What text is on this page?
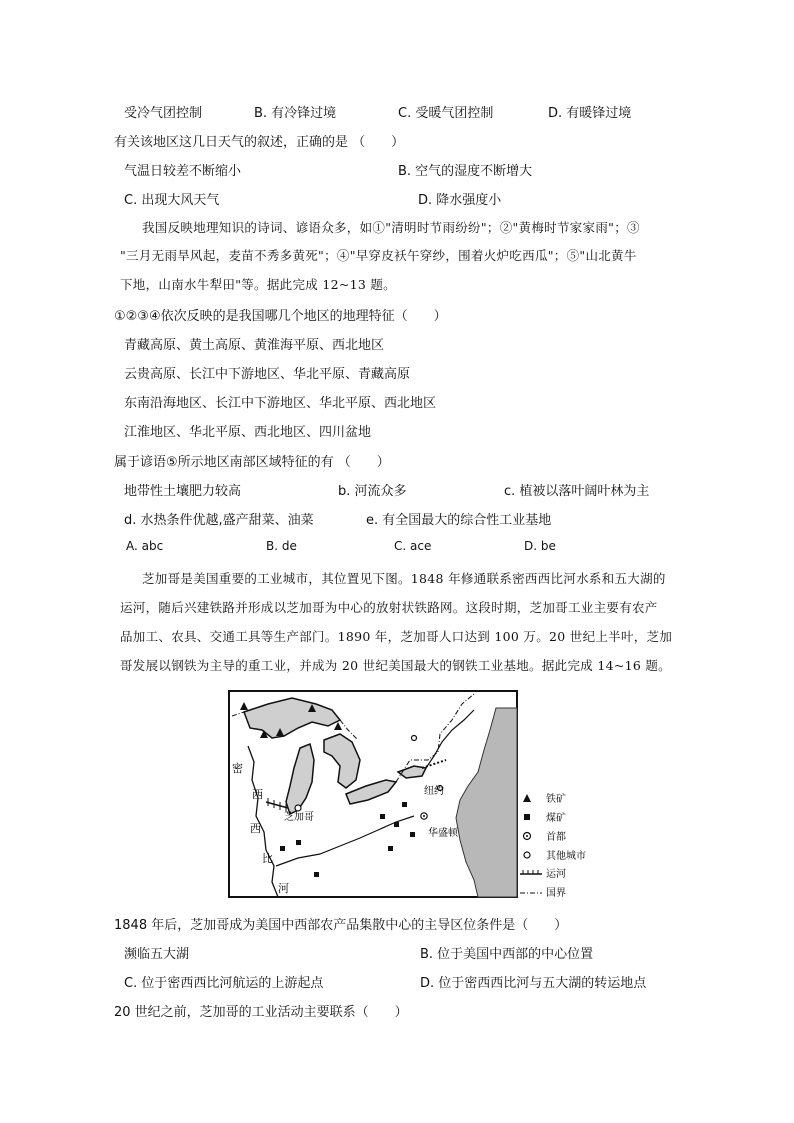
受冷气团控制	B. 有冷锋过境	C. 受暖气团控制	D. 有暖锋过境
有关该地区这几日天气的叙述，正确的是 （　　）
气温日较差不断缩小	B. 空气的湿度不断增大
C. 出现大风天气	D. 降水强度小
我国反映地理知识的诗词、谚语众多，如①"清明时节雨纷纷"；②"黄梅时节家家雨"；③
"三月无雨旱风起，麦苗不秀多黄死"；④"早穿皮袄午穿纱，围着火炉吃西瓜"；⑤"山北黄牛
下地，山南水牛犁田"等。据此完成 12~13 题。
①②③④依次反映的是我国哪几个地区的地理特征（　　）
青藏高原、黄土高原、黄淮海平原、西北地区
云贵高原、长江中下游地区、华北平原、青藏高原
东南沿海地区、长江中下游地区、华北平原、西北地区
江淮地区、华北平原、西北地区、四川盆地
属于谚语⑤所示地区南部区域特征的有 （　　）
地带性土壤肥力较高	b. 河流众多	c. 植被以落叶阔叶林为主
d. 水热条件优越,盛产甜菜、油菜	e. 有全国最大的综合性工业基地
A. abc	B. de	C. ace	D. be
芝加哥是美国重要的工业城市，其位置见下图。1848 年修通联系密西西比河水系和五大湖的
运河，随后兴建铁路并形成以芝加哥为中心的放射状铁路网。这段时期，芝加哥工业主要有农产
品加工、农具、交通工具等生产部门。1890 年，芝加哥人口达到 100 万。20 世纪上半叶，芝加
哥发展以钢铁为主导的重工业，并成为 20 世纪美国最大的钢铁工业基地。据此完成 14~16 题。
密
西
西
比
河
芝加哥
纽约
华盛顿
铁矿
煤矿
首都
其他城市
运河
国界
1848 年后，芝加哥成为美国中西部农产品集散中心的主导区位条件是（　　）
濒临五大湖	B. 位于美国中西部的中心位置
C. 位于密西西比河航运的上游起点	D. 位于密西西比河与五大湖的转运地点
20 世纪之前，芝加哥的工业活动主要联系（　　）
